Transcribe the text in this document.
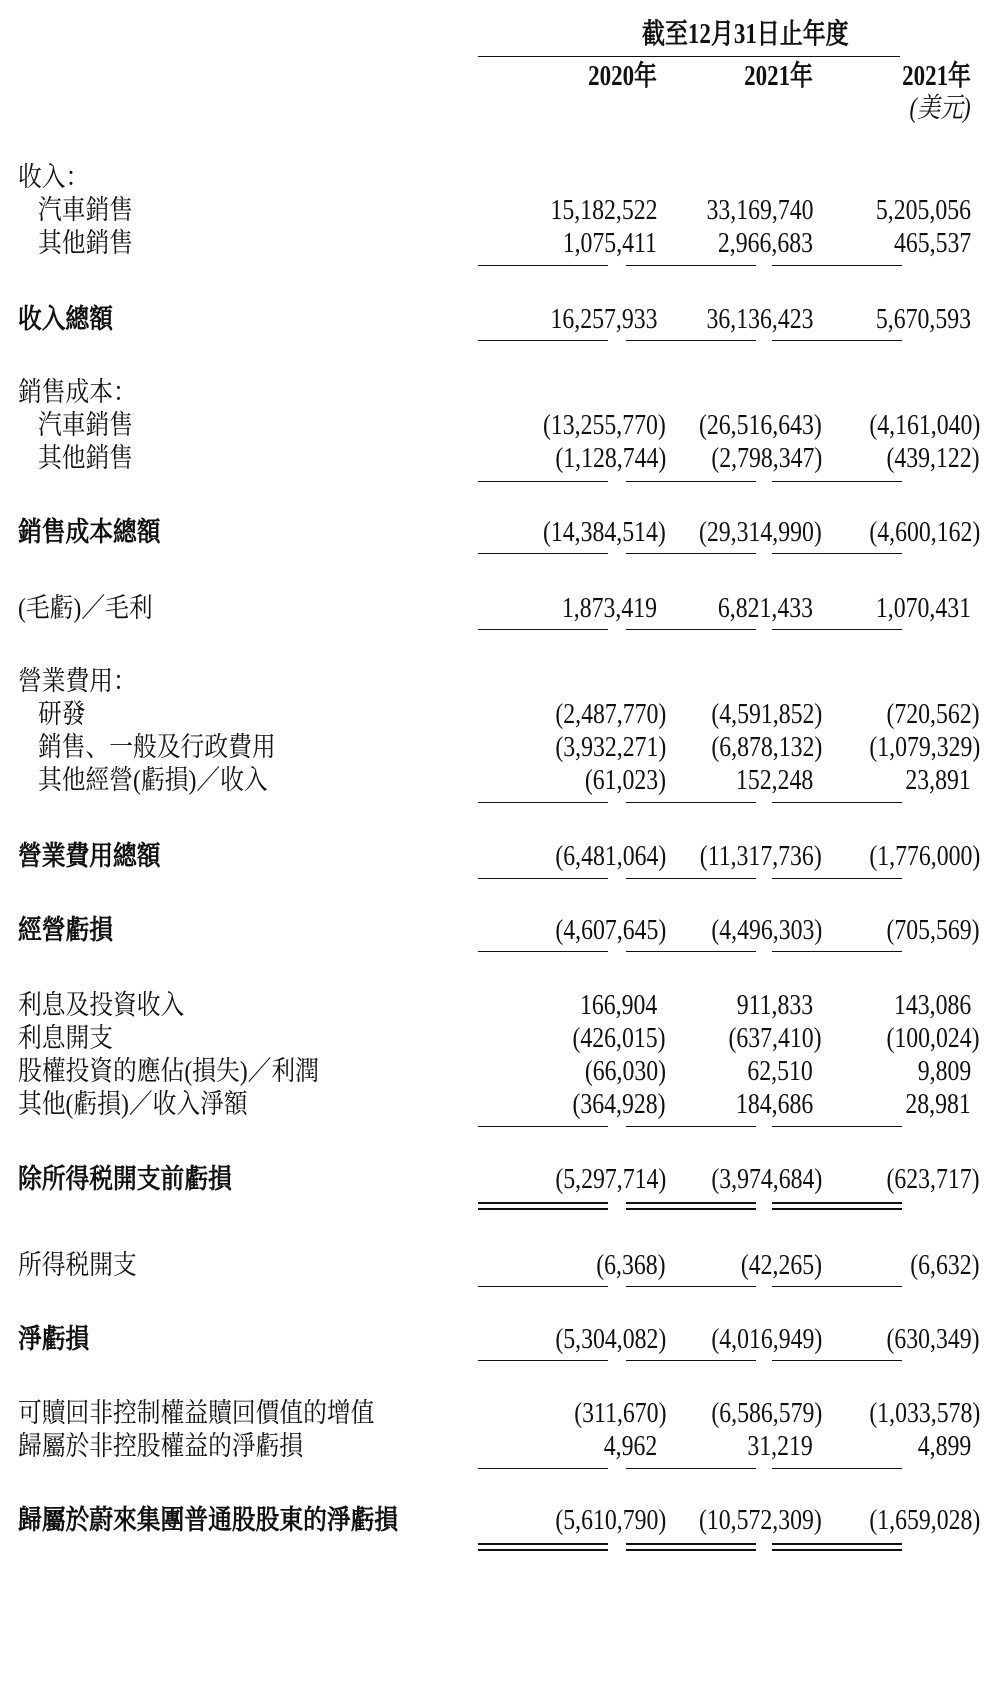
截至12月31日止年度
2020年	2021年	2021年
(美元)
收入：
汽車銷售	15,182,522 33,169,740 5,205,056
其他銷售	1,075,411 2,966,683	465,537
收入總額	16,257,933 36,136,423 5,670,593
銷售成本：
汽車銷售	(13,255,770) (26,516,643) (4,161,040)
其他銷售	(1,128,744) (2,798,347) (439,122)
銷售成本總額	(14,384,514) (29,314,990) (4,600,162)
(毛虧)／毛利	1,873,419 6,821,433 1,070,431
營業費用：
研發	(2,487,770) (4,591,852) (720,562)
銷售、一般及行政費用	(3,932,271) (6,878,132) (1,079,329)
其他經營(虧損)／收入	(61,023) 152,248	23,891
營業費用總額	(6,481,064) (11,317,736) (1,776,000)
經營虧損	(4,607,645) (4,496,303) (705,569)
利息及投資收入	166,904	911,833	143,086
利息開支	(426,015) (637,410) (100,024)
股權投資的應佔(損失)／利潤	(66,030)	62,510	9,809
其他(虧損)／收入淨額	(364,928) 184,686	28,981
除所得税開支前虧損	(5,297,714) (3,974,684) (623,717)
所得税開支	(6,368)	(42,265)	(6,632)
淨虧損	(5,304,082) (4,016,949) (630,349)
可贖回非控制權益贖回價值的增值	(311,670) (6,586,579) (1,033,578)
歸屬於非控股權益的淨虧損	4,962	31,219	4,899
歸屬於蔚來集團普通股股東的淨虧損	(5,610,790) (10,572,309) (1,659,028)
